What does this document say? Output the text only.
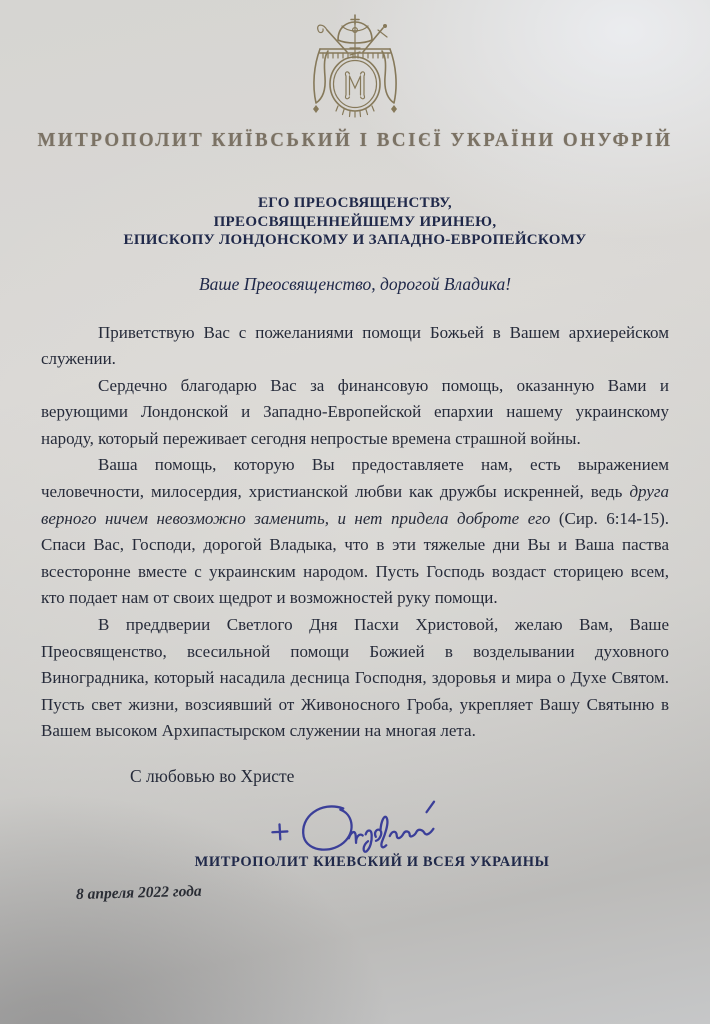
МИТРОПОЛИТ КИЇВСЬКИЙ І ВСІЄЇ УКРАЇНИ ОНУФРІЙ
ЕГО ПРЕОСВЯЩЕНСТВУ,
ПРЕОСВЯЩЕННЕЙШЕМУ ИРИНЕЮ,
ЕПИСКОПУ ЛОНДОНСКОМУ И ЗАПАДНО-ЕВРОПЕЙСКОМУ
Ваше Преосвященство, дорогой Владика!

Приветствую Вас с пожеланиями помощи Божьей в Вашем архиерейском служении.

Сердечно благодарю Вас за финансовую помощь, оказанную Вами и верующими Лондонской и Западно-Европейской епархии нашему украинскому народу, который переживает сегодня непростые времена страшной войны.

Ваша помощь, которую Вы предоставляете нам, есть выражением человечности, милосердия, христианской любви как дружбы искренней, ведь друга верного ничем невозможно заменить, и нет придела доброте его (Сир. 6:14-15). Спаси Вас, Господи, дорогой Владыка, что в эти тяжелые дни Вы и Ваша паства всесторонне вместе с украинским народом. Пусть Господь воздаст сторицею всем, кто подает нам от своих щедрот и возможностей руку помощи.

В преддверии Светлого Дня Пасхи Христовой, желаю Вам, Ваше Преосвященство, всесильной помощи Божией в возделывании духовного Виноградника, который насадила десница Господня, здоровья и мира о Духе Святом. Пусть свет жизни, возсиявший от Живоносного Гроба, укрепляет Вашу Святыню в Вашем высоком Архипастырском служении на многая лета.

С любовью во Христе
МИТРОПОЛИТ КИЕВСКИЙ И ВСЕЯ УКРАИНЫ
8 апреля 2022 года
